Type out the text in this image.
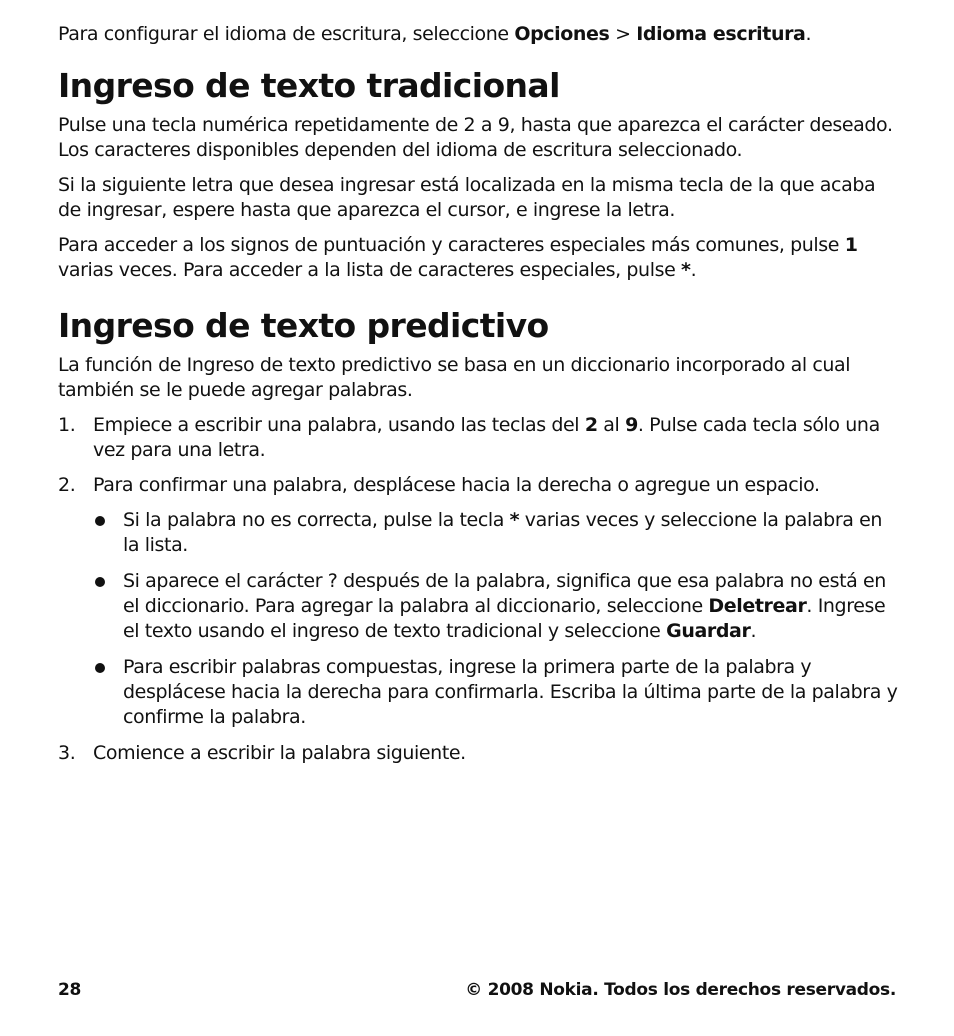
Para configurar el idioma de escritura, seleccione Opciones > Idioma escritura.

Ingreso de texto tradicional

Pulse una tecla numérica repetidamente de 2 a 9, hasta que aparezca el carácter deseado. Los caracteres disponibles dependen del idioma de escritura seleccionado.

Si la siguiente letra que desea ingresar está localizada en la misma tecla de la que acaba de ingresar, espere hasta que aparezca el cursor, e ingrese la letra.

Para acceder a los signos de puntuación y caracteres especiales más comunes, pulse 1 varias veces. Para acceder a la lista de caracteres especiales, pulse *.

Ingreso de texto predictivo

La función de Ingreso de texto predictivo se basa en un diccionario incorporado al cual también se le puede agregar palabras.

1. Empiece a escribir una palabra, usando las teclas del 2 al 9. Pulse cada tecla sólo una vez para una letra.

2. Para confirmar una palabra, desplácese hacia la derecha o agregue un espacio.

Si la palabra no es correcta, pulse la tecla * varias veces y seleccione la palabra en la lista.

Si aparece el carácter ? después de la palabra, significa que esa palabra no está en el diccionario. Para agregar la palabra al diccionario, seleccione Deletrear. Ingrese el texto usando el ingreso de texto tradicional y seleccione Guardar.

Para escribir palabras compuestas, ingrese la primera parte de la palabra y desplácese hacia la derecha para confirmarla. Escriba la última parte de la palabra y confirme la palabra.

3. Comience a escribir la palabra siguiente.

28	© 2008 Nokia. Todos los derechos reservados.
